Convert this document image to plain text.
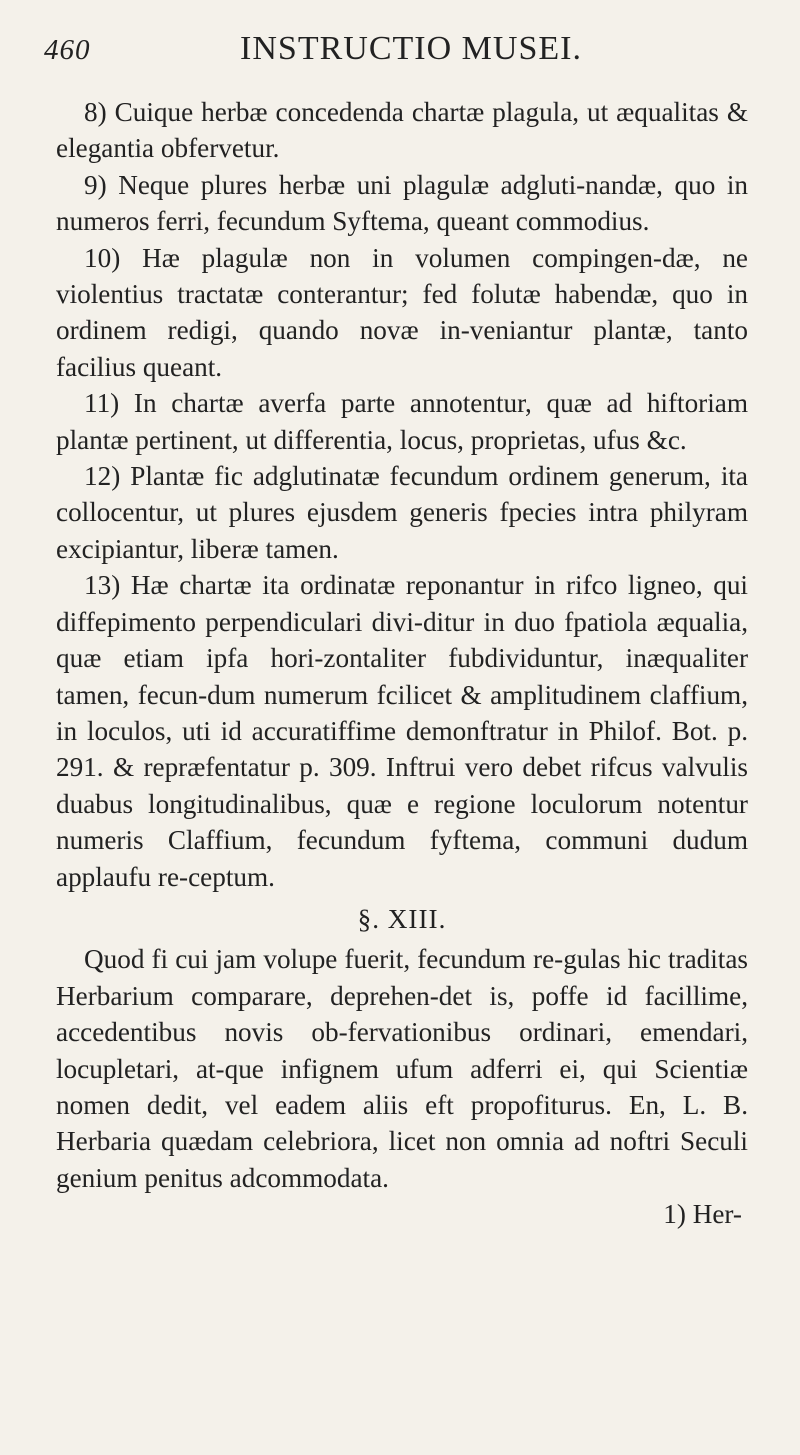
460	INSTRUCTIO MUSEI.

8) Cuique herbæ concedenda chartæ plagula, ut æqualitas & elegantia obfervetur.

9) Neque plures herbæ uni plagulæ adgluti-nandæ, quo in numeros ferri, fecundum Syftema, queant commodius.

10) Hæ plagulæ non in volumen compingen-dæ, ne violentius tractatæ conterantur; fed folutæ habendæ, quo in ordinem redigi, quando novæ in-veniantur plantæ, tanto facilius queant.

11) In chartæ averfa parte annotentur, quæ ad hiftoriam plantæ pertinent, ut differentia, locus, proprietas, ufus &c.

12) Plantæ fic adglutinatæ fecundum ordinem generum, ita collocentur, ut plures ejusdem generis fpecies intra philyram excipiantur, liberæ tamen.

13) Hæ chartæ ita ordinatæ reponantur in rifco ligneo, qui diffepimento perpendiculari divi-ditur in duo fpatiola æqualia, quæ etiam ipfa hori-zontaliter fubdividuntur, inæqualiter tamen, fecun-dum numerum fcilicet & amplitudinem claffium, in loculos, uti id accuratiffime demonftratur in Philof. Bot. p. 291. & repræfentatur p. 309. Inftrui vero debet rifcus valvulis duabus longitudinalibus, quæ e regione loculorum notentur numeris Claffium, fecundum fyftema, communi dudum applaufu re-ceptum.

§. XIII.

Quod fi cui jam volupe fuerit, fecundum re-gulas hic traditas Herbarium comparare, deprehen-det is, poffe id facillime, accedentibus novis ob-fervationibus ordinari, emendari, locupletari, at-que infignem ufum adferri ei, qui Scientiæ nomen dedit, vel eadem aliis eft propofiturus. En, L. B. Herbaria quædam celebriora, licet non omnia ad noftri Seculi genium penitus adcommodata.

1) Her-
